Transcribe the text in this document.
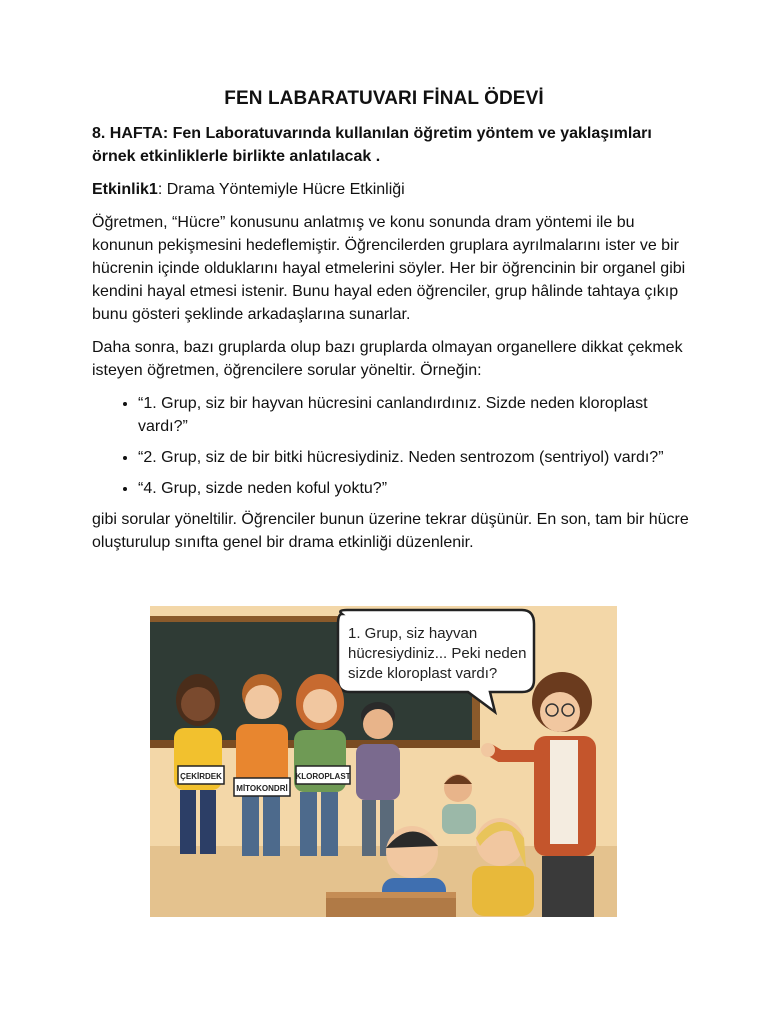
FEN LABARATUVARI FİNAL ÖDEVİ

8. HAFTA: Fen Laboratuvarında kullanılan öğretim yöntem ve yaklaşımları örnek etkinliklerle birlikte anlatılacak .

Etkinlik1: Drama Yöntemiyle Hücre Etkinliği

Öğretmen, “Hücre” konusunu anlatmış ve konu sonunda dram yöntemi ile bu konunun pekişmesini hedeflemiştir. Öğrencilerden gruplara ayrılmalarını ister ve bir hücrenin içinde olduklarını hayal etmelerini söyler. Her bir öğrencinin bir organel gibi kendini hayal etmesi istenir. Bunu hayal eden öğrenciler, grup hâlinde tahtaya çıkıp bunu gösteri şeklinde arkadaşlarına sunarlar.

Daha sonra, bazı gruplarda olup bazı gruplarda olmayan organellere dikkat çekmek isteyen öğretmen, öğrencilere sorular yöneltir. Örneğin:

• “1. Grup, siz bir hayvan hücresini canlandırdınız. Sizde neden kloroplast vardı?”
• “2. Grup, siz de bir bitki hücresiydiniz. Neden sentrozom (sentriyol) vardı?”
• “4. Grup, sizde neden koful yoktu?”

gibi sorular yöneltilir. Öğrenciler bunun üzerine tekrar düşünür. En son, tam bir hücre oluşturulup sınıfta genel bir drama etkinliği düzenlenir.

1. Grup, siz hayvan
hücresiydiniz... Peki neden
sizde kloroplast vardı?
ÇEKİRDEK
MİTOKONDRİ
KLOROPLAST
